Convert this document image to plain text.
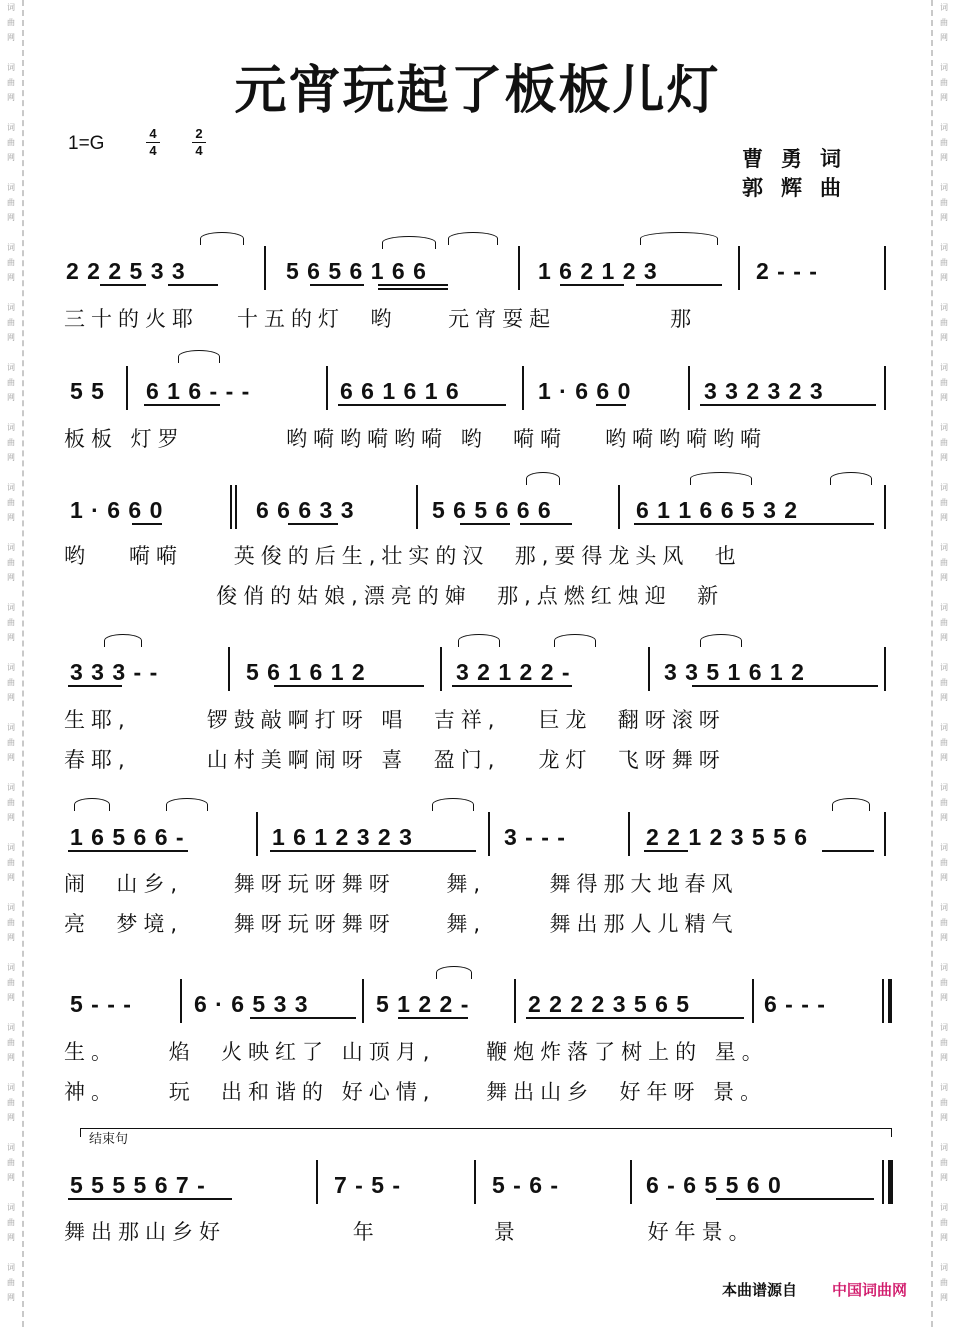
词
曲
网

词
曲
网

词
曲
网

词
曲
网

词
曲
网

词
曲
网

词
曲
网

词
曲
网

词
曲
网

词
曲
网

词
曲
网

词
曲
网

词
曲
网

词
曲
网

词
曲
网

词
曲
网

词
曲
网

词
曲
网

词
曲
网

词
曲
网

词
曲
网

词
曲
网
词
曲
网

词
曲
网

词
曲
网

词
曲
网

词
曲
网

词
曲
网

词
曲
网

词
曲
网

词
曲
网

词
曲
网

词
曲
网

词
曲
网

词
曲
网

词
曲
网

词
曲
网

词
曲
网

词
曲
网

词
曲
网

词
曲
网

词
曲
网

词
曲
网

词
曲
网
元宵玩起了板板儿灯
1=G	4
4
2
4	曹勇词
郭辉曲
2 2 2 5 3 3	5 6 5 6 1 6 6	1 6 2 1 2 3	2 - - -
三十的火耶   十五的灯  哟    元宵耍起         那
5 5 6 1 6 - - -	6 6 1 6 1 6	1 · 6 6 0	3 3 2 3 2 3
板板 灯罗        哟嗬哟嗬哟嗬 哟  嗬嗬   哟嗬哟嗬哟嗬
1 · 6 6 0	6 6 6 3 3	5 6 5 6 6 6	6 1 1 6 6 5 3 2
哟   嗬嗬    英俊的后生,壮实的汉  那,要得龙头风  也
俊俏的姑娘,漂亮的婶  那,点燃红烛迎  新
3 3 3 - -	5 6 1 6 1 2	3 2 1 2 2 -	3 3 5 1 6 1 2
生耶,      锣鼓敲啊打呀 唱  吉祥,   巨龙  翻呀滚呀
春耶,      山村美啊闹呀 喜  盈门,   龙灯  飞呀舞呀
1 6 5 6 6 -	1 6 1 2 3 2 3	3 - - -	2 2 1 2 3 5 5 6
闹  山乡,    舞呀玩呀舞呀    舞,     舞得那大地春风
亮  梦境,    舞呀玩呀舞呀    舞,     舞出那人儿精气
5 - - -	6 · 6 5 3 3	5 1 2 2 -	2 2 2 2 3 5 6 5	6 - - -
生。    焰  火映红了 山顶月,    鞭炮炸落了树上的 星。
神。    玩  出和谐的 好心情,    舞出山乡  好年呀 景。
结束句
5 5 5 5 6 7 -	7 - 5 -	5 - 6 -	6 - 6 5 5 6 0
舞出那山乡好          年         景          好年景。
本曲谱源自 中国词曲网
